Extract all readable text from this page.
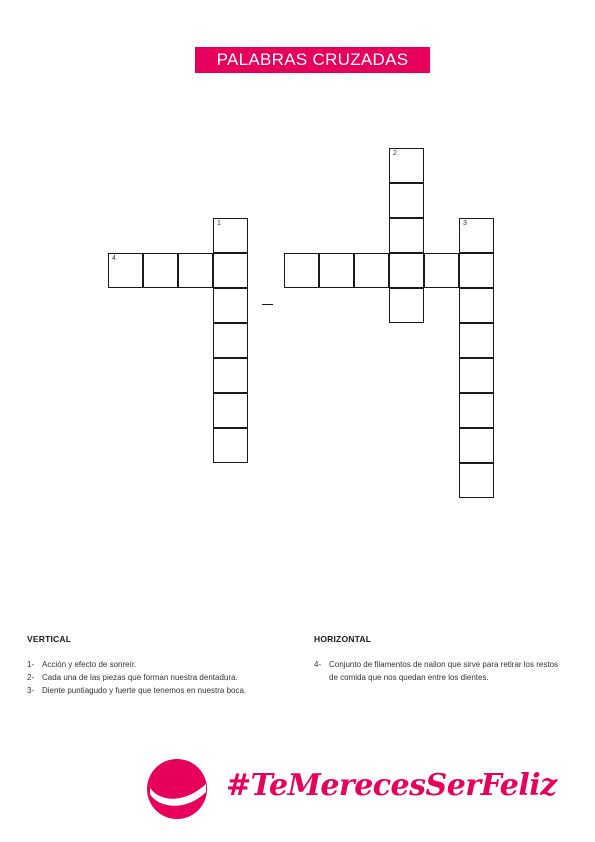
PALABRAS CRUZADAS
4
1
2
3
VERTICAL
1- Acción y efecto de sonreír.
2- Cada una de las piezas que forman nuestra dentadura.
3- Diente puntiagudo y fuerte que tenemos en nuestra boca.
HORIZONTAL
4- Conjunto de filamentos de nailon que sirve para retirar los restos de comida que nos quedan entre los dientes.
#TeMerecesSerFeliz
